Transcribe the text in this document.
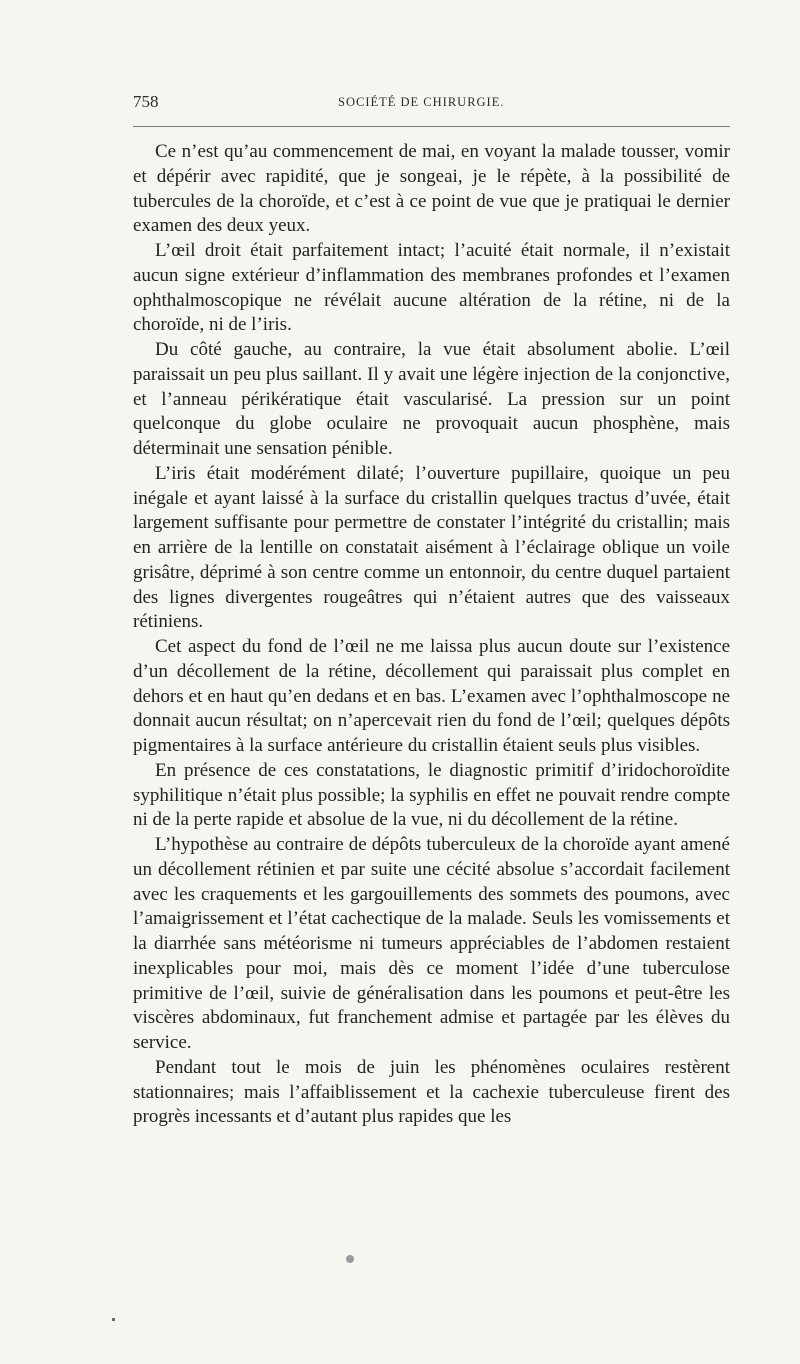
758	SOCIÉTÉ DE CHIRURGIE.

Ce n’est qu’au commencement de mai, en voyant la malade tousser, vomir et dépérir avec rapidité, que je songeai, je le répète, à la possibilité de tubercules de la choroïde, et c’est à ce point de vue que je pratiquai le dernier examen des deux yeux.

L’œil droit était parfaitement intact; l’acuité était normale, il n’existait aucun signe extérieur d’inflammation des membranes profondes et l’examen ophthalmoscopique ne révélait aucune altération de la rétine, ni de la choroïde, ni de l’iris.

Du côté gauche, au contraire, la vue était absolument abolie. L’œil paraissait un peu plus saillant. Il y avait une légère injection de la conjonctive, et l’anneau périkératique était vascularisé. La pression sur un point quelconque du globe oculaire ne provoquait aucun phosphène, mais déterminait une sensation pénible.

L’iris était modérément dilaté; l’ouverture pupillaire, quoique un peu inégale et ayant laissé à la surface du cristallin quelques tractus d’uvée, était largement suffisante pour permettre de constater l’intégrité du cristallin; mais en arrière de la lentille on constatait aisément à l’éclairage oblique un voile grisâtre, déprimé à son centre comme un entonnoir, du centre duquel partaient des lignes divergentes rougeâtres qui n’étaient autres que des vaisseaux rétiniens.

Cet aspect du fond de l’œil ne me laissa plus aucun doute sur l’existence d’un décollement de la rétine, décollement qui paraissait plus complet en dehors et en haut qu’en dedans et en bas. L’examen avec l’ophthalmoscope ne donnait aucun résultat; on n’apercevait rien du fond de l’œil; quelques dépôts pigmentaires à la surface antérieure du cristallin étaient seuls plus visibles.

En présence de ces constatations, le diagnostic primitif d’iridochoroïdite syphilitique n’était plus possible; la syphilis en effet ne pouvait rendre compte ni de la perte rapide et absolue de la vue, ni du décollement de la rétine.

L’hypothèse au contraire de dépôts tuberculeux de la choroïde ayant amené un décollement rétinien et par suite une cécité absolue s’accordait facilement avec les craquements et les gargouillements des sommets des poumons, avec l’amaigrissement et l’état cachectique de la malade. Seuls les vomissements et la diarrhée sans météorisme ni tumeurs appréciables de l’abdomen restaient inexplicables pour moi, mais dès ce moment l’idée d’une tuberculose primitive de l’œil, suivie de généralisation dans les poumons et peut-être les viscères abdominaux, fut franchement admise et partagée par les élèves du service.

Pendant tout le mois de juin les phénomènes oculaires restèrent stationnaires; mais l’affaiblissement et la cachexie tuberculeuse firent des progrès incessants et d’autant plus rapides que les
